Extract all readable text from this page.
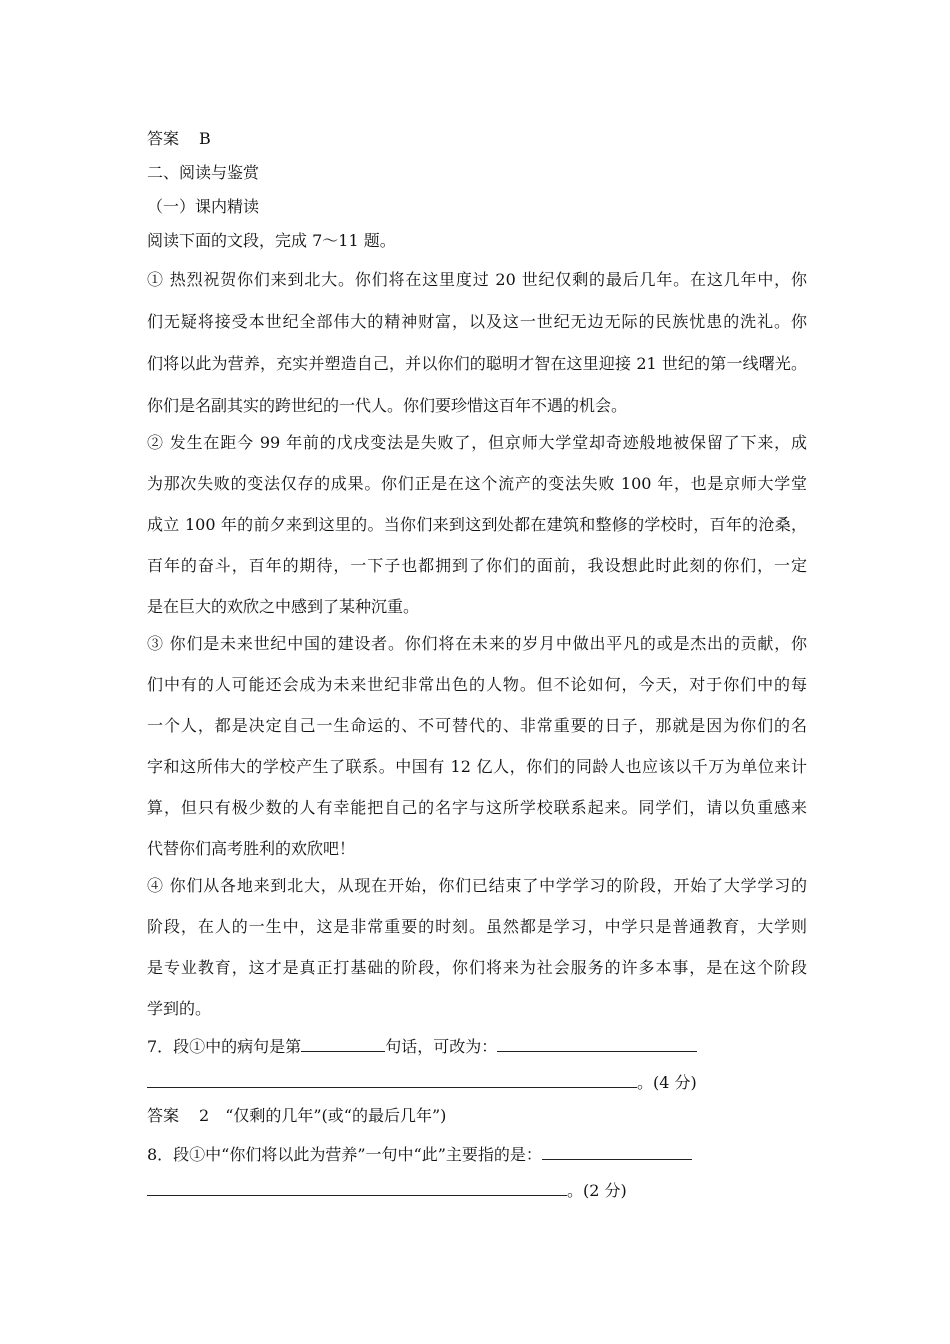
答案 B
二、阅读与鉴赏
（一）课内精读
阅读下面的文段，完成 7～11 题。
① 热烈祝贺你们来到北大。你们将在这里度过 20 世纪仅剩的最后几年。在这几年中，你
们无疑将接受本世纪全部伟大的精神财富，以及这一世纪无边无际的民族忧患的洗礼。你
们将以此为营养，充实并塑造自己，并以你们的聪明才智在这里迎接 21 世纪的第一线曙光。
你们是名副其实的跨世纪的一代人。你们要珍惜这百年不遇的机会。
② 发生在距今 99 年前的戊戌变法是失败了，但京师大学堂却奇迹般地被保留了下来，成
为那次失败的变法仅存的成果。你们正是在这个流产的变法失败 100 年，也是京师大学堂
成立 100 年的前夕来到这里的。当你们来到这到处都在建筑和整修的学校时，百年的沧桑，
百年的奋斗，百年的期待，一下子也都拥到了你们的面前，我设想此时此刻的你们，一定
是在巨大的欢欣之中感到了某种沉重。
③ 你们是未来世纪中国的建设者。你们将在未来的岁月中做出平凡的或是杰出的贡献，你
们中有的人可能还会成为未来世纪非常出色的人物。但不论如何，今天，对于你们中的每
一个人，都是决定自己一生命运的、不可替代的、非常重要的日子，那就是因为你们的名
字和这所伟大的学校产生了联系。中国有 12 亿人，你们的同龄人也应该以千万为单位来计
算，但只有极少数的人有幸能把自己的名字与这所学校联系起来。同学们，请以负重感来
代替你们高考胜利的欢欣吧！
④ 你们从各地来到北大，从现在开始，你们已结束了中学学习的阶段，开始了大学学习的
阶段，在人的一生中，这是非常重要的时刻。虽然都是学习，中学只是普通教育，大学则
是专业教育，这才是真正打基础的阶段，你们将来为社会服务的许多本事，是在这个阶段
学到的。
7．段①中的病句是第	句话，可改为：
。(4 分)
答案 2　“仅剩的几年”(或“的最后几年”)
8．段①中“你们将以此为营养”一句中“此”主要指的是：
。(2 分)
